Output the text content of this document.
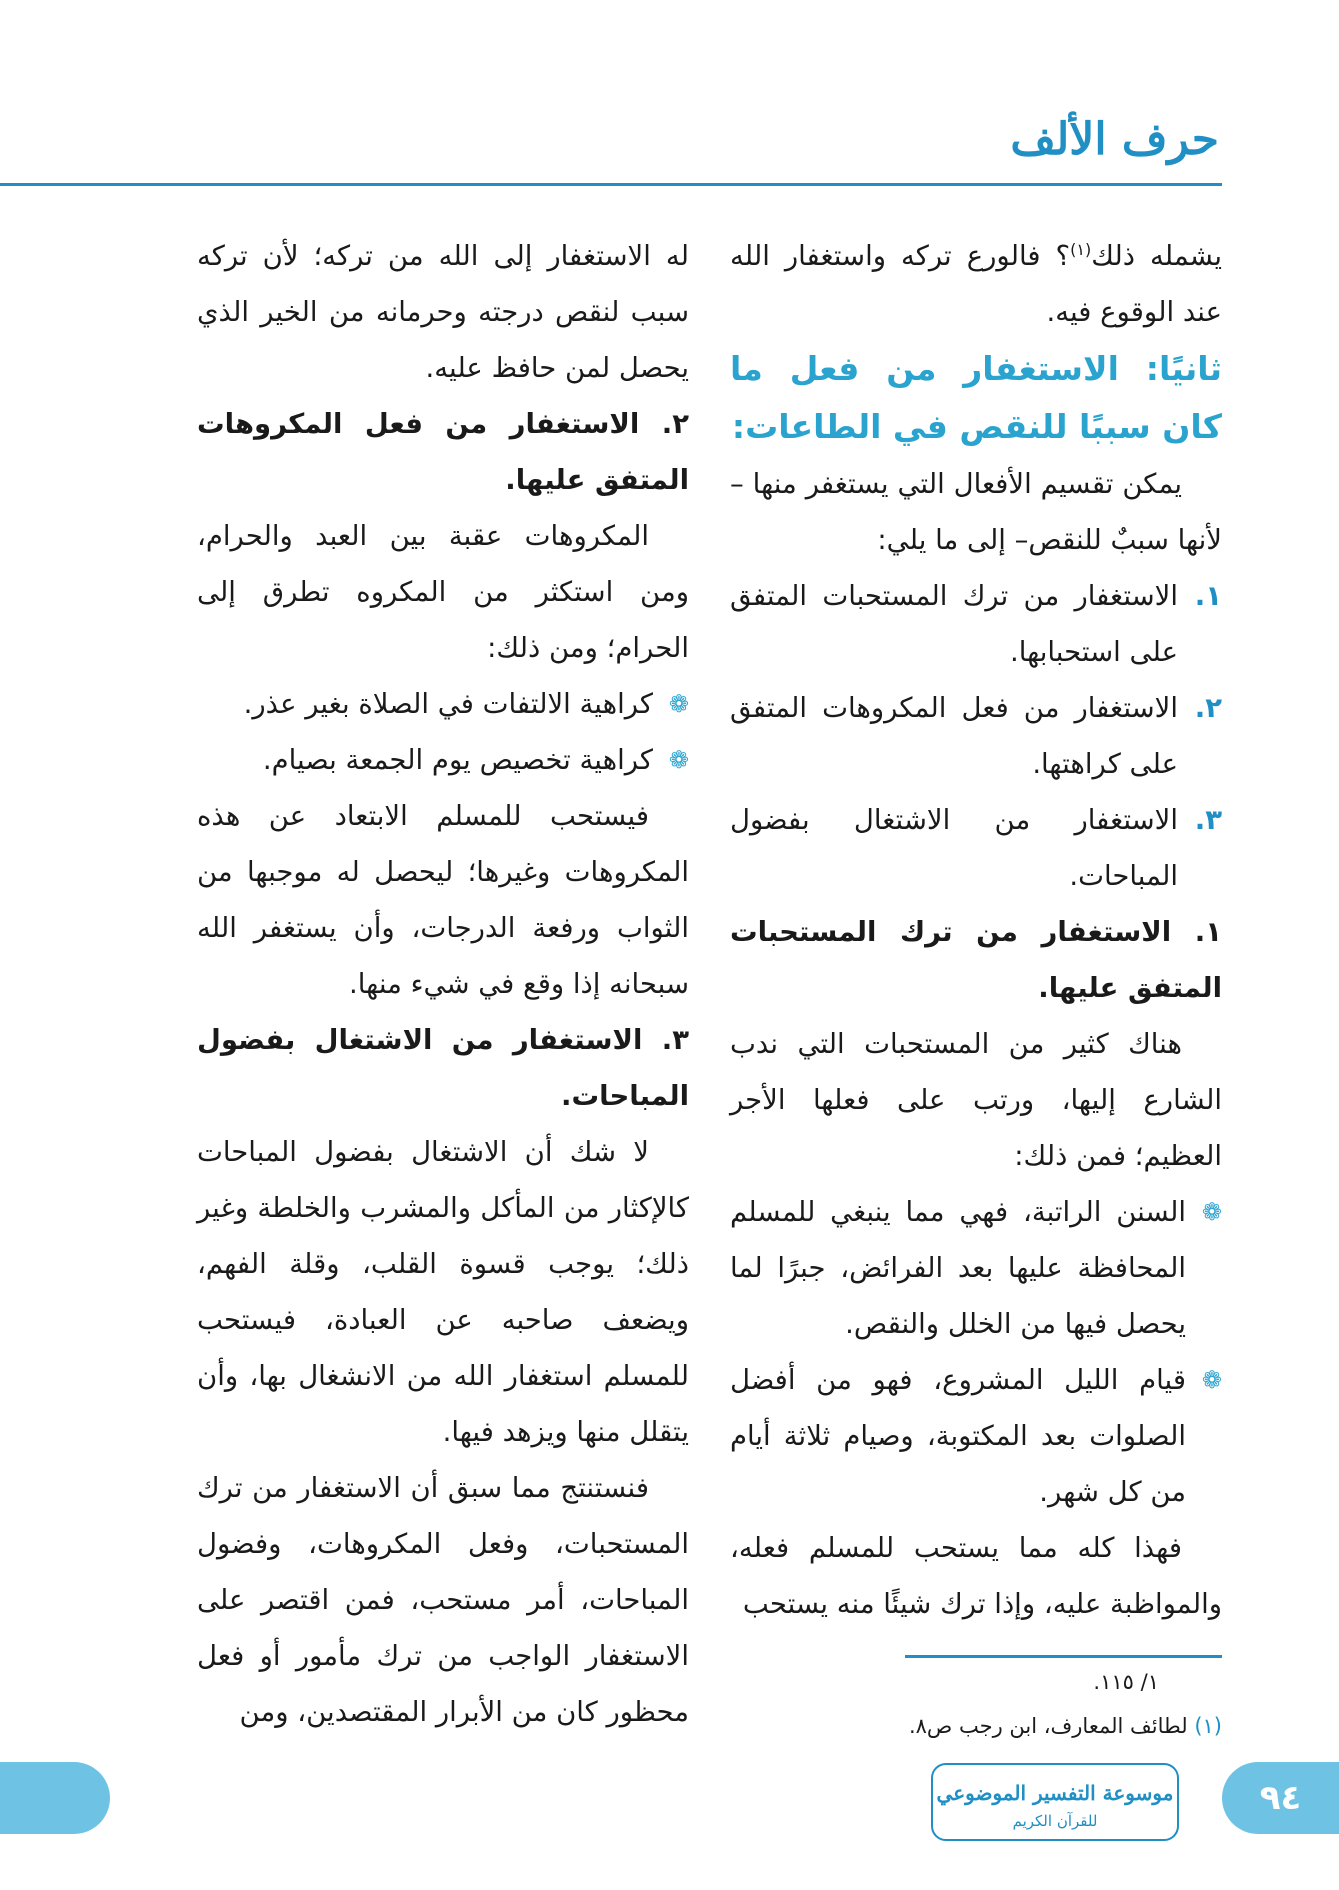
حرف الألف

يشمله ذلك$^{(١)}$؟ فالورع تركه واستغفار الله عند الوقوع فيه.

ثانيًا: الاستغفار من فعل ما كان سببًا للنقص في الطاعات:

يمكن تقسيم الأفعال التي يستغفر منها –لأنها سببٌ للنقص– إلى ما يلي:

١.
الاستغفار من ترك المستحبات المتفق على استحبابها.
٢.
الاستغفار من فعل المكروهات المتفق على كراهتها.
٣.
الاستغفار من الاشتغال بفضول المباحات.

١. الاستغفار من ترك المستحبات المتفق عليها.

هناك كثير من المستحبات التي ندب الشارع إليها، ورتب على فعلها الأجر العظيم؛ فمن ذلك:

❁
السنن الراتبة، فهي مما ينبغي للمسلم المحافظة عليها بعد الفرائض، جبرًا لما يحصل فيها من الخلل والنقص.
❁
قيام الليل المشروع، فهو من أفضل الصلوات بعد المكتوبة، وصيام ثلاثة أيام من كل شهر.

فهذا كله مما يستحب للمسلم فعله، والمواظبة عليه، وإذا ترك شيئًا منه يستحب

له الاستغفار إلى الله من تركه؛ لأن تركه سبب لنقص درجته وحرمانه من الخير الذي يحصل لمن حافظ عليه.

٢. الاستغفار من فعل المكروهات المتفق عليها.

المكروهات عقبة بين العبد والحرام، ومن استكثر من المكروه تطرق إلى الحرام؛ ومن ذلك:

❁
كراهية الالتفات في الصلاة بغير عذر.
❁
كراهية تخصيص يوم الجمعة بصيام.

فيستحب للمسلم الابتعاد عن هذه المكروهات وغيرها؛ ليحصل له موجبها من الثواب ورفعة الدرجات، وأن يستغفر الله سبحانه إذا وقع في شيء منها.

٣. الاستغفار من الاشتغال بفضول المباحات.

لا شك أن الاشتغال بفضول المباحات كالإكثار من المأكل والمشرب والخلطة وغير ذلك؛ يوجب قسوة القلب، وقلة الفهم، ويضعف صاحبه عن العبادة، فيستحب للمسلم استغفار الله من الانشغال بها، وأن يتقلل منها ويزهد فيها.

فنستنتج مما سبق أن الاستغفار من ترك المستحبات، وفعل المكروهات، وفضول المباحات، أمر مستحب، فمن اقتصر على الاستغفار الواجب من ترك مأمور أو فعل محظور كان من الأبرار المقتصدين، ومن

١/ ١١٥.

(١) لطائف المعارف، ابن رجب ص٨.

٩٤
موسوعة التفسير الموضوعي
للقرآن الكريم
